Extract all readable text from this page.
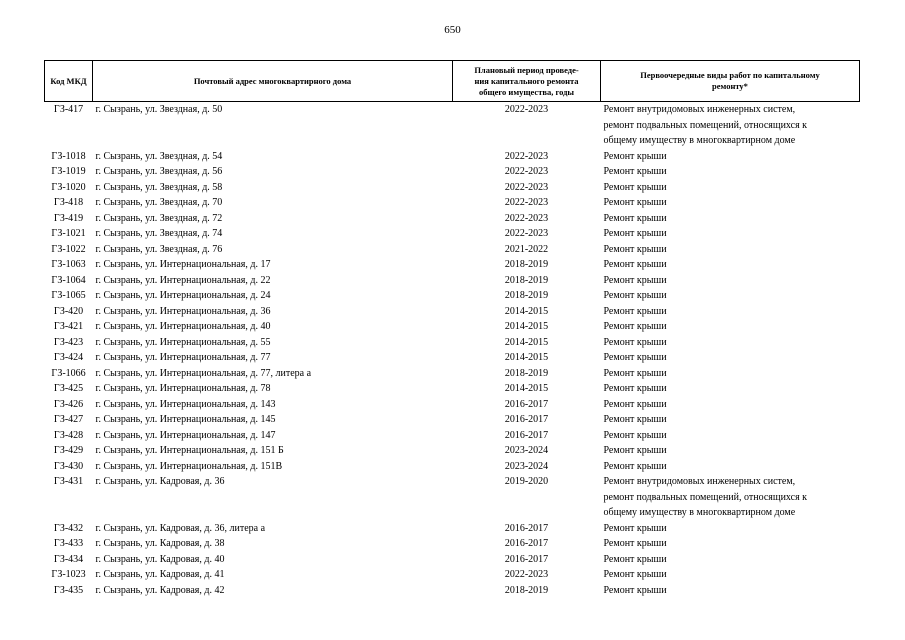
650
Код МКД	Почтовый адрес многоквартирного дома	Плановый период проведе-
ния капитального ремонта
общего имущества, годы	Первоочередные виды работ по капитальному
ремонту*
ГЗ-417	г. Сызрань, ул. Звездная, д. 50	2022-2023	Ремонт внутридомовых инженерных систем,
ремонт подвальных помещений, относящихся к
общему имуществу в многоквартирном доме

ГЗ-1018	г. Сызрань, ул. Звездная, д. 54	2022-2023	Ремонт крыши

ГЗ-1019	г. Сызрань, ул. Звездная, д. 56	2022-2023	Ремонт крыши

ГЗ-1020	г. Сызрань, ул. Звездная, д. 58	2022-2023	Ремонт крыши

ГЗ-418	г. Сызрань, ул. Звездная, д. 70	2022-2023	Ремонт крыши

ГЗ-419	г. Сызрань, ул. Звездная, д. 72	2022-2023	Ремонт крыши

ГЗ-1021	г. Сызрань, ул. Звездная, д. 74	2022-2023	Ремонт крыши

ГЗ-1022	г. Сызрань, ул. Звездная, д. 76	2021-2022	Ремонт крыши

ГЗ-1063	г. Сызрань, ул. Интернациональная, д. 17	2018-2019	Ремонт крыши

ГЗ-1064	г. Сызрань, ул. Интернациональная, д. 22	2018-2019	Ремонт крыши

ГЗ-1065	г. Сызрань, ул. Интернациональная, д. 24	2018-2019	Ремонт крыши

ГЗ-420	г. Сызрань, ул. Интернациональная, д. 36	2014-2015	Ремонт крыши

ГЗ-421	г. Сызрань, ул. Интернациональная, д. 40	2014-2015	Ремонт крыши

ГЗ-423	г. Сызрань, ул. Интернациональная, д. 55	2014-2015	Ремонт крыши

ГЗ-424	г. Сызрань, ул. Интернациональная, д. 77	2014-2015	Ремонт крыши

ГЗ-1066	г. Сызрань, ул. Интернациональная, д. 77, литера а	2018-2019	Ремонт крыши

ГЗ-425	г. Сызрань, ул. Интернациональная, д. 78	2014-2015	Ремонт крыши

ГЗ-426	г. Сызрань, ул. Интернациональная, д. 143	2016-2017	Ремонт крыши

ГЗ-427	г. Сызрань, ул. Интернациональная, д. 145	2016-2017	Ремонт крыши

ГЗ-428	г. Сызрань, ул. Интернациональная, д. 147	2016-2017	Ремонт крыши

ГЗ-429	г. Сызрань, ул. Интернациональная, д. 151 Б	2023-2024	Ремонт крыши

ГЗ-430	г. Сызрань, ул. Интернациональная, д. 151В	2023-2024	Ремонт крыши

ГЗ-431	г. Сызрань, ул. Кадровая, д. 36	2019-2020	Ремонт внутридомовых инженерных систем,
ремонт подвальных помещений, относящихся к
общему имуществу в многоквартирном доме

ГЗ-432	г. Сызрань, ул. Кадровая, д. 36, литера а	2016-2017	Ремонт крыши

ГЗ-433	г. Сызрань, ул. Кадровая, д. 38	2016-2017	Ремонт крыши

ГЗ-434	г. Сызрань, ул. Кадровая, д. 40	2016-2017	Ремонт крыши

ГЗ-1023	г. Сызрань, ул. Кадровая, д. 41	2022-2023	Ремонт крыши

ГЗ-435	г. Сызрань, ул. Кадровая, д. 42	2018-2019	Ремонт крыши
